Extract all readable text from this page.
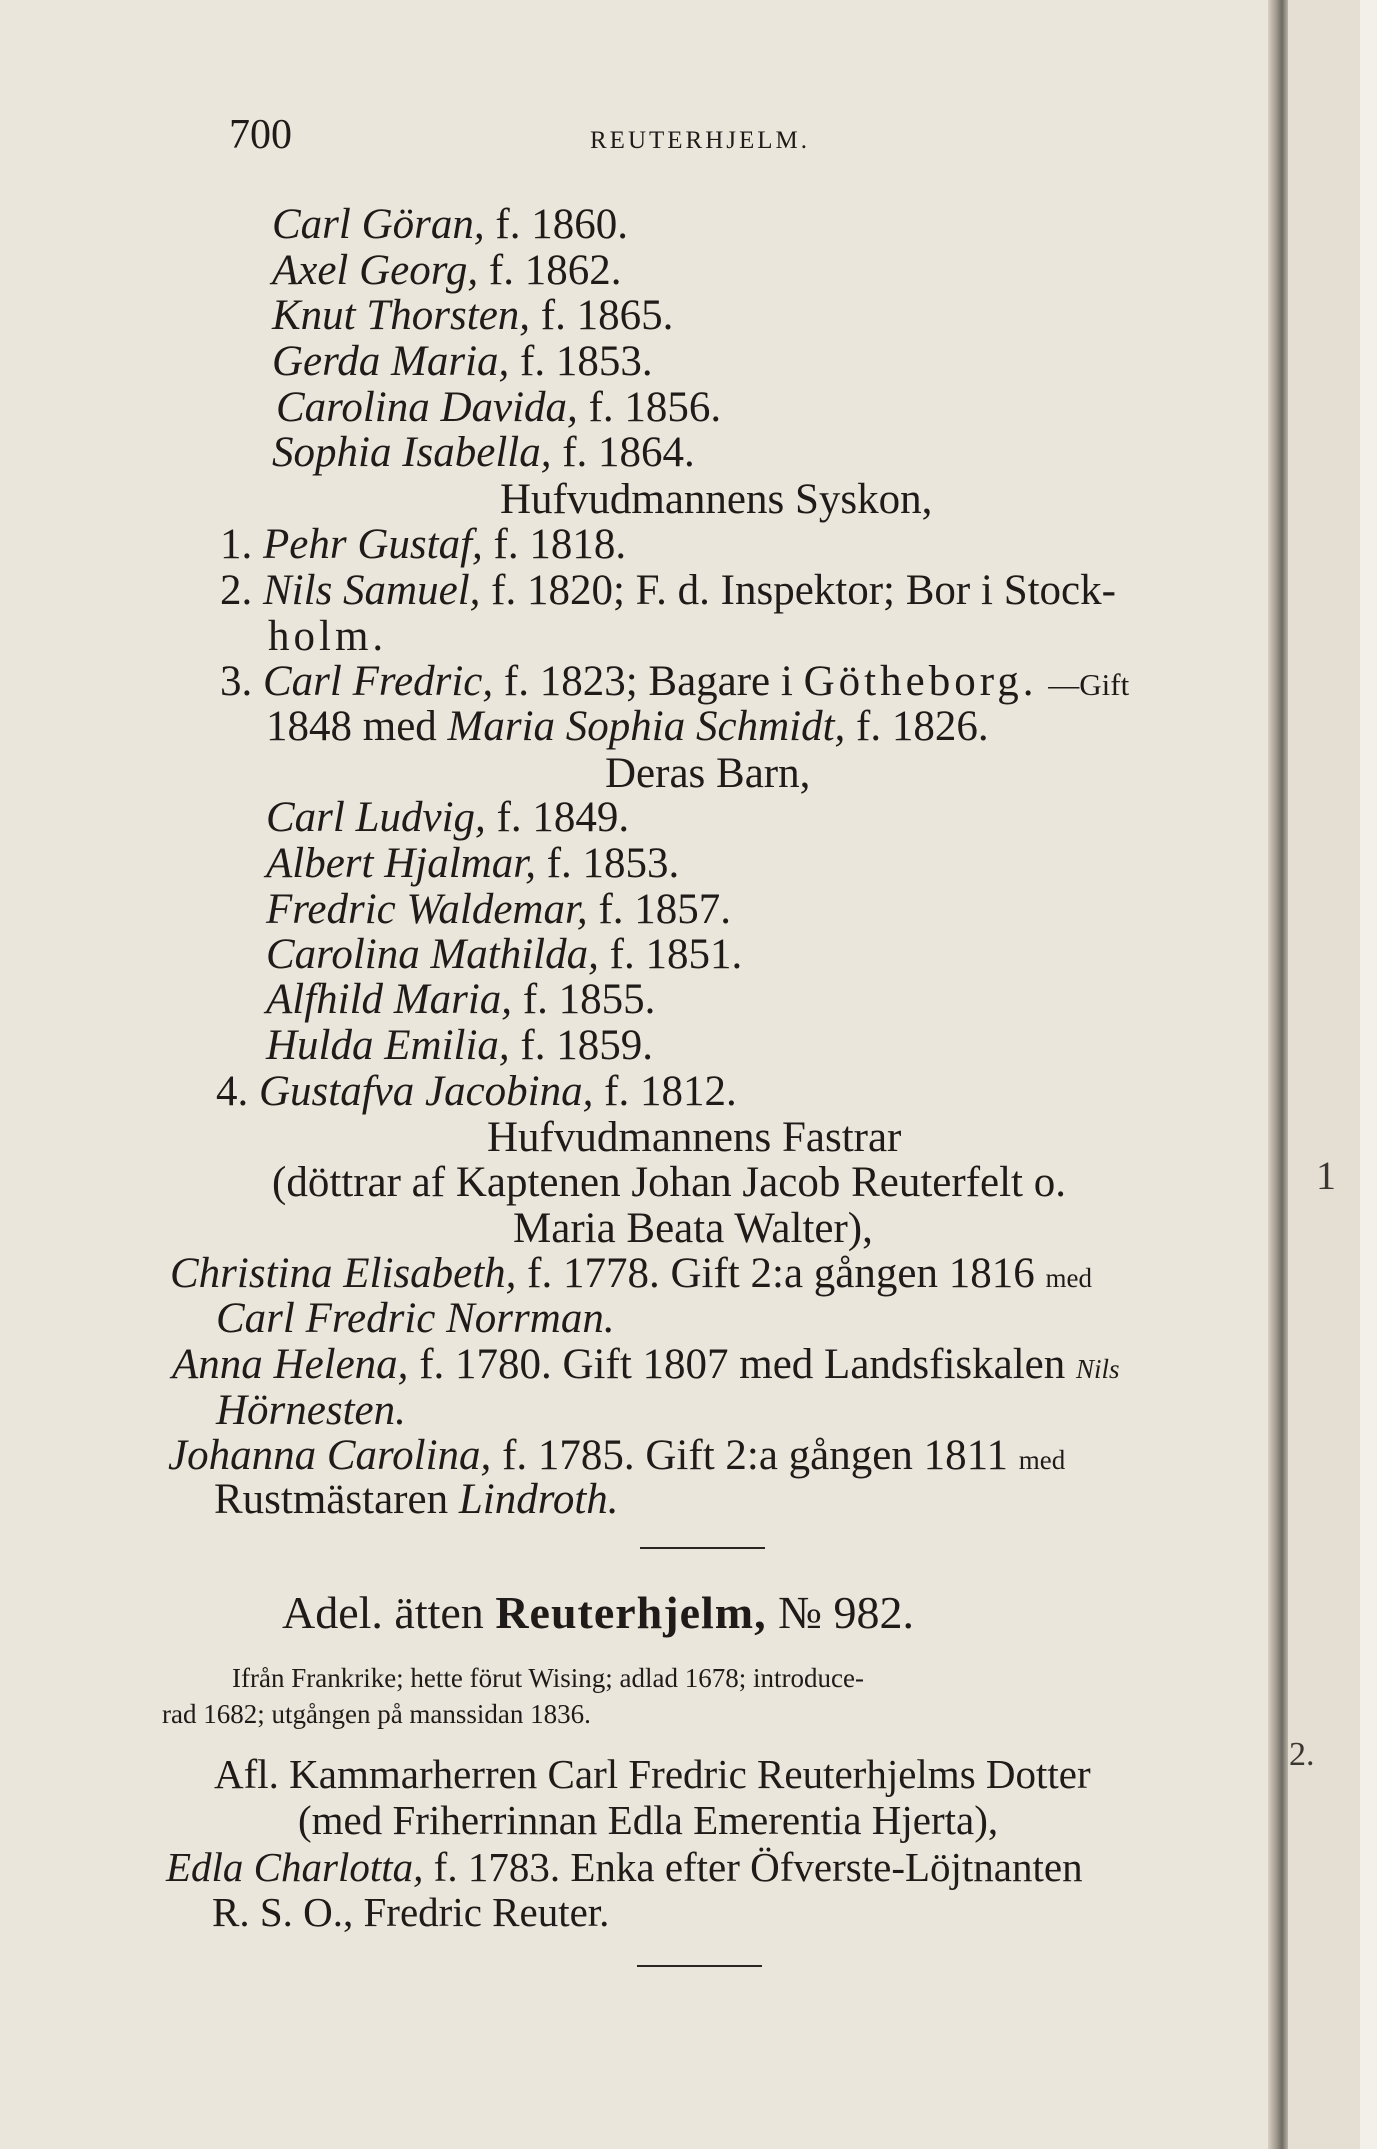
700	REUTERHJELM.
Carl Göran, f. 1860.
Axel Georg, f. 1862.
Knut Thorsten, f. 1865.
Gerda Maria, f. 1853.
Carolina Davida, f. 1856.
Sophia Isabella, f. 1864.
Hufvudmannens Syskon,
1. Pehr Gustaf, f. 1818.
2. Nils Samuel, f. 1820; F. d. Inspektor; Bor i Stock-
holm.
3. Carl Fredric, f. 1823; Bagare i Götheborg. —Gift
1848 med Maria Sophia Schmidt, f. 1826.
Deras Barn,
Carl Ludvig, f. 1849.
Albert Hjalmar, f. 1853.
Fredric Waldemar, f. 1857.
Carolina Mathilda, f. 1851.
Alfhild Maria, f. 1855.
Hulda Emilia, f. 1859.
4. Gustafva Jacobina, f. 1812.
Hufvudmannens Fastrar
(döttrar af Kaptenen Johan Jacob Reuterfelt o.
Maria Beata Walter),
Christina Elisabeth, f. 1778. Gift 2:a gången 1816 med
Carl Fredric Norrman.
Anna Helena, f. 1780. Gift 1807 med Landsfiskalen Nils
Hörnesten.
Johanna Carolina, f. 1785. Gift 2:a gången 1811 med
Rustmästaren Lindroth.
Adel. ätten Reuterhjelm, № 982.
Ifrån Frankrike; hette förut Wising; adlad 1678; introduce-
rad 1682; utgången på manssidan 1836.
Afl. Kammarherren Carl Fredric Reuterhjelms Dotter
(med Friherrinnan Edla Emerentia Hjerta),
Edla Charlotta, f. 1783. Enka efter Öfverste-Löjtnanten
R. S. O., Fredric Reuter.
1
2.
